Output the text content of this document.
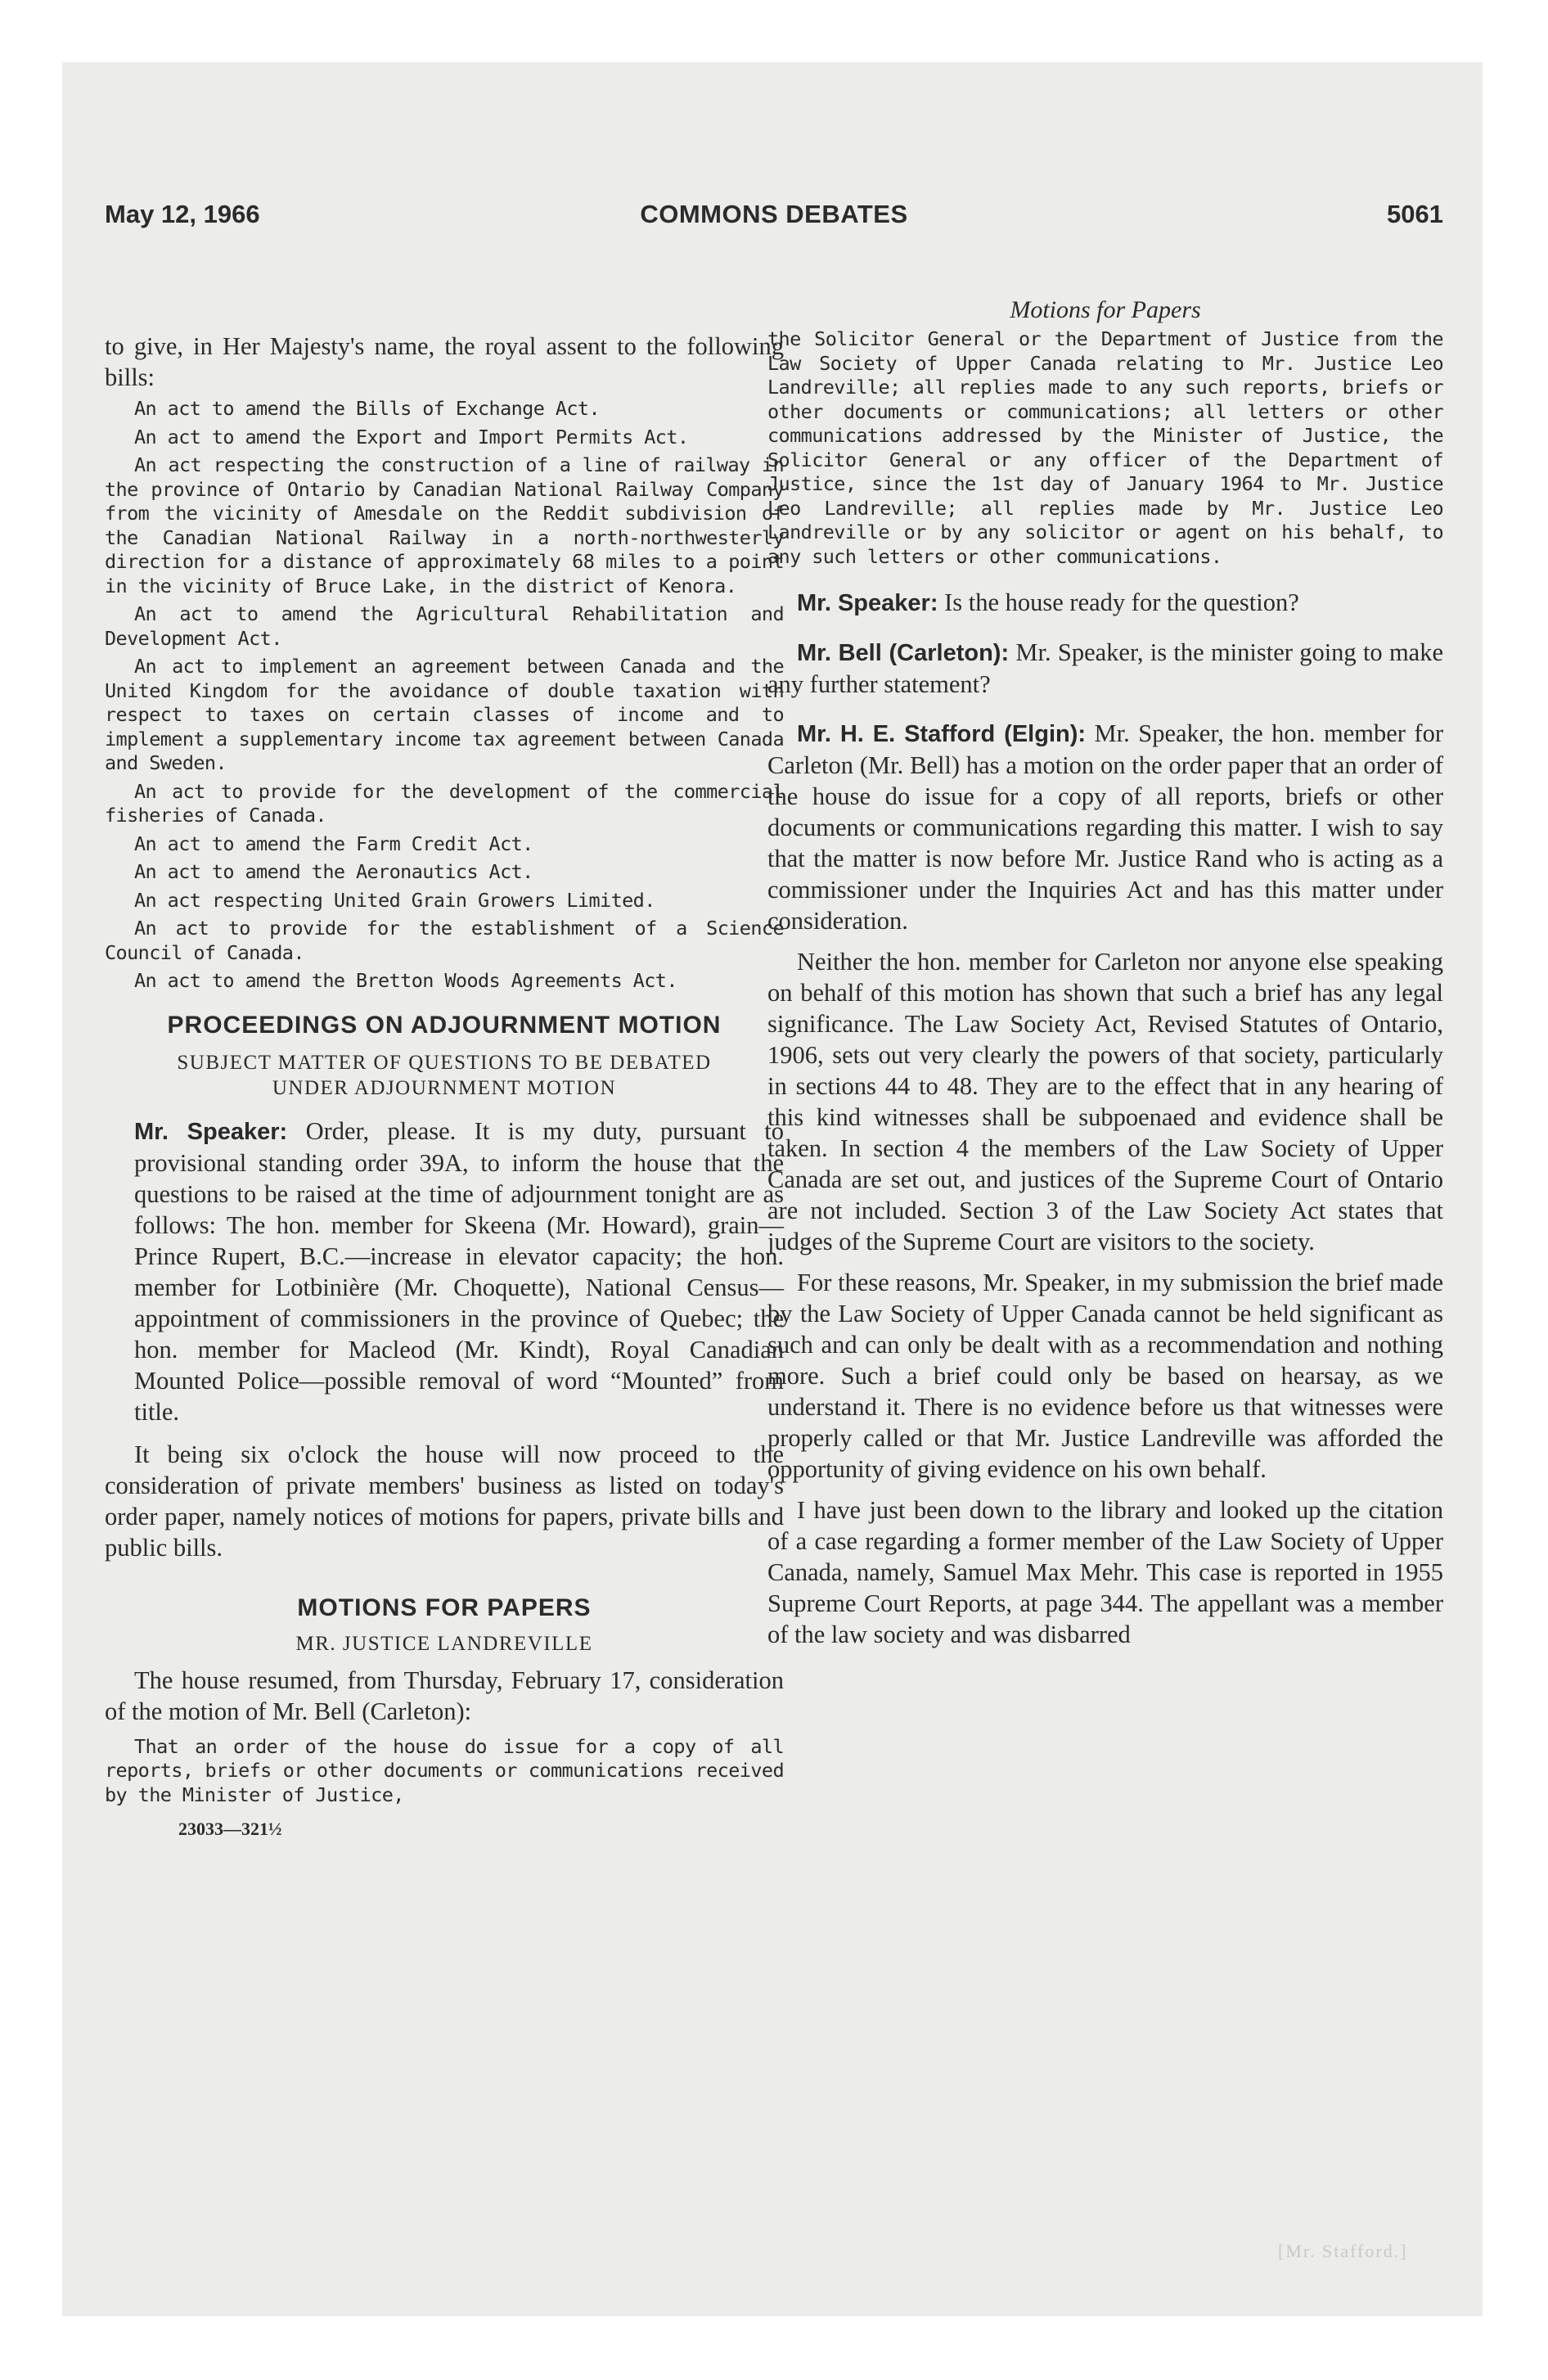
May 12, 1966	COMMONS DEBATES	5061

to give, in Her Majesty's name, the royal assent to the following bills:

An act to amend the Bills of Exchange Act.

An act to amend the Export and Import Permits Act.

An act respecting the construction of a line of railway in the province of Ontario by Canadian National Railway Company from the vicinity of Amesdale on the Reddit subdivision of the Canadian National Railway in a north-northwesterly direction for a distance of approximately 68 miles to a point in the vicinity of Bruce Lake, in the district of Kenora.

An act to amend the Agricultural Rehabilitation and Development Act.

An act to implement an agreement between Canada and the United Kingdom for the avoidance of double taxation with respect to taxes on certain classes of income and to implement a supplementary income tax agreement between Canada and Sweden.

An act to provide for the development of the commercial fisheries of Canada.

An act to amend the Farm Credit Act.

An act to amend the Aeronautics Act.

An act respecting United Grain Growers Limited.

An act to provide for the establishment of a Science Council of Canada.

An act to amend the Bretton Woods Agreements Act.

PROCEEDINGS ON ADJOURNMENT MOTION

SUBJECT MATTER OF QUESTIONS TO BE DEBATED UNDER ADJOURNMENT MOTION

Mr. Speaker: Order, please. It is my duty, pursuant to provisional standing order 39A, to inform the house that the questions to be raised at the time of adjournment tonight are as follows: The hon. member for Skeena (Mr. Howard), grain—Prince Rupert, B.C.—increase in elevator capacity; the hon. member for Lotbinière (Mr. Choquette), National Census—appointment of commissioners in the province of Quebec; the hon. member for Macleod (Mr. Kindt), Royal Canadian Mounted Police—possible removal of word “Mounted” from title.

It being six o'clock the house will now proceed to the consideration of private members' business as listed on today's order paper, namely notices of motions for papers, private bills and public bills.

MOTIONS FOR PAPERS

MR. JUSTICE LANDREVILLE

The house resumed, from Thursday, February 17, consideration of the motion of Mr. Bell (Carleton):

That an order of the house do issue for a copy of all reports, briefs or other documents or communications received by the Minister of Justice,

23033—321½

Motions for Papers

the Solicitor General or the Department of Justice from the Law Society of Upper Canada relating to Mr. Justice Leo Landreville; all replies made to any such reports, briefs or other documents or communications; all letters or other communications addressed by the Minister of Justice, the Solicitor General or any officer of the Department of Justice, since the 1st day of January 1964 to Mr. Justice Leo Landreville; all replies made by Mr. Justice Leo Landreville or by any solicitor or agent on his behalf, to any such letters or other communications.

Mr. Speaker: Is the house ready for the question?

Mr. Bell (Carleton): Mr. Speaker, is the minister going to make any further statement?

Mr. H. E. Stafford (Elgin): Mr. Speaker, the hon. member for Carleton (Mr. Bell) has a motion on the order paper that an order of the house do issue for a copy of all reports, briefs or other documents or communications regarding this matter. I wish to say that the matter is now before Mr. Justice Rand who is acting as a commissioner under the Inquiries Act and has this matter under consideration.

Neither the hon. member for Carleton nor anyone else speaking on behalf of this motion has shown that such a brief has any legal significance. The Law Society Act, Revised Statutes of Ontario, 1906, sets out very clearly the powers of that society, particularly in sections 44 to 48. They are to the effect that in any hearing of this kind witnesses shall be subpoenaed and evidence shall be taken. In section 4 the members of the Law Society of Upper Canada are set out, and justices of the Supreme Court of Ontario are not included. Section 3 of the Law Society Act states that judges of the Supreme Court are visitors to the society.

For these reasons, Mr. Speaker, in my submission the brief made by the Law Society of Upper Canada cannot be held significant as such and can only be dealt with as a recommendation and nothing more. Such a brief could only be based on hearsay, as we understand it. There is no evidence before us that witnesses were properly called or that Mr. Justice Landreville was afforded the opportunity of giving evidence on his own behalf.

I have just been down to the library and looked up the citation of a case regarding a former member of the Law Society of Upper Canada, namely, Samuel Max Mehr. This case is reported in 1955 Supreme Court Reports, at page 344. The appellant was a member of the law society and was disbarred

[Mr. Stafford.]
